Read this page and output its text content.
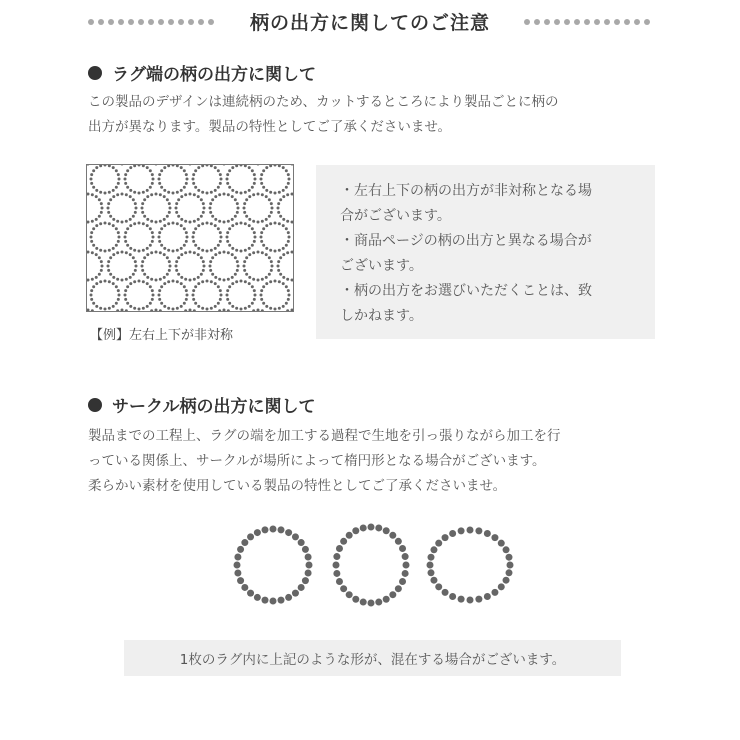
柄の出方に関してのご注意
ラグ端の柄の出方に関して
この製品のデザインは連続柄のため、カットするところにより製品ごとに柄の
出方が異なります。製品の特性としてご了承くださいませ。
【例】左右上下が非対称
・左右上下の柄の出方が非対称となる場
合がございます。
・商品ページの柄の出方と異なる場合が
ございます。
・柄の出方をお選びいただくことは、致
しかねます。
サークル柄の出方に関して
製品までの工程上、ラグの端を加工する過程で生地を引っ張りながら加工を行
っている関係上、サークルが場所によって楕円形となる場合がございます。
柔らかい素材を使用している製品の特性としてご了承くださいませ。
1枚のラグ内に上記のような形が、混在する場合がございます。
